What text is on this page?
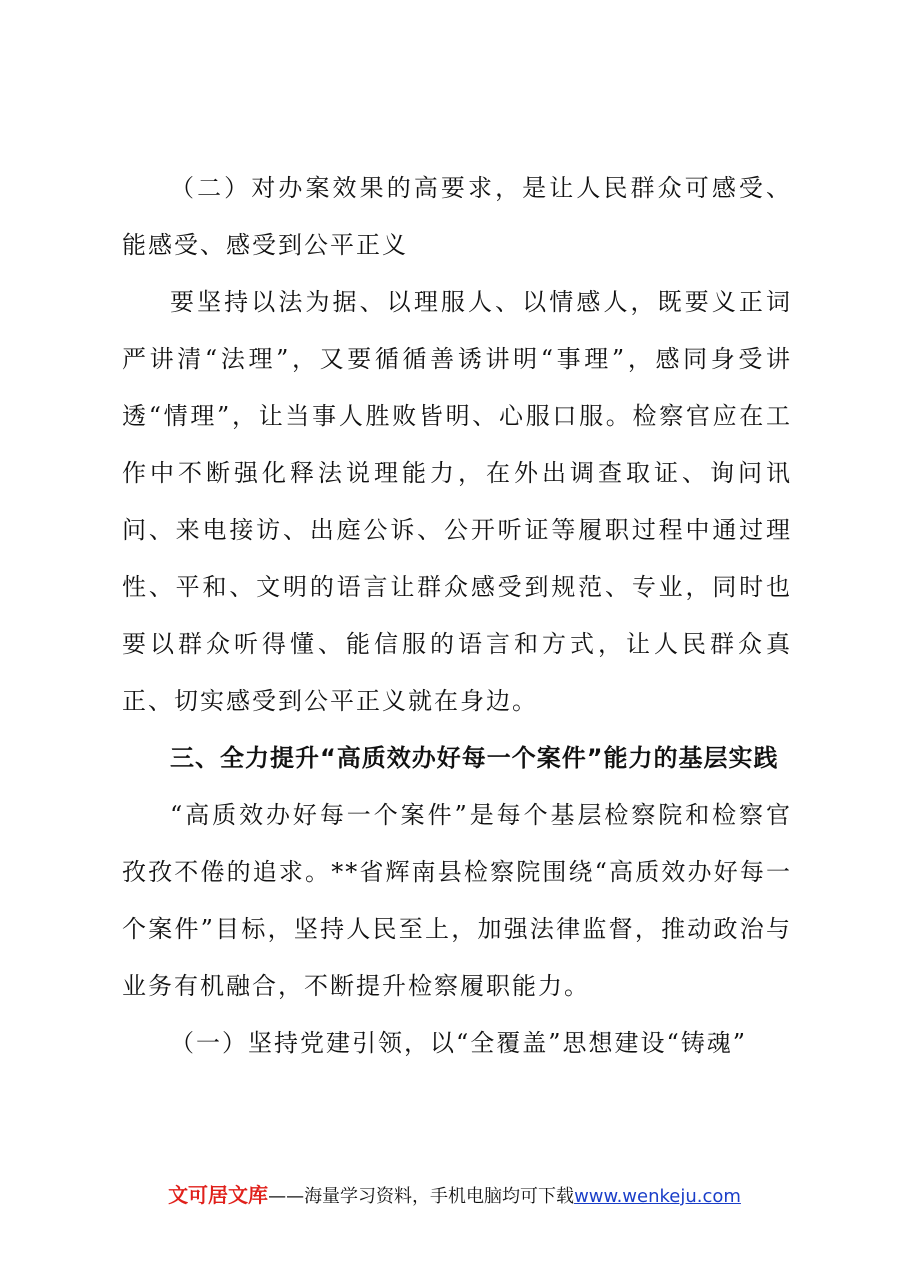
（二）对办案效果的高要求，是让人民群众可感受、能感受、感受到公平正义

要坚持以法为据、以理服人、以情感人，既要义正词严讲清“法理”，又要循循善诱讲明“事理”，感同身受讲透“情理”，让当事人胜败皆明、心服口服。检察官应在工作中不断强化释法说理能力，在外出调查取证、询问讯问、来电接访、出庭公诉、公开听证等履职过程中通过理性、平和、文明的语言让群众感受到规范、专业，同时也要以群众听得懂、能信服的语言和方式，让人民群众真正、切实感受到公平正义就在身边。

三、全力提升“高质效办好每一个案件”能力的基层实践

“高质效办好每一个案件”是每个基层检察院和检察官孜孜不倦的追求。**省辉南县检察院围绕“高质效办好每一个案件”目标，坚持人民至上，加强法律监督，推动政治与业务有机融合，不断提升检察履职能力。

（一）坚持党建引领，以“全覆盖”思想建设“铸魂”

文可居文库——海量学习资料，手机电脑均可下载www.wenkeju.com
